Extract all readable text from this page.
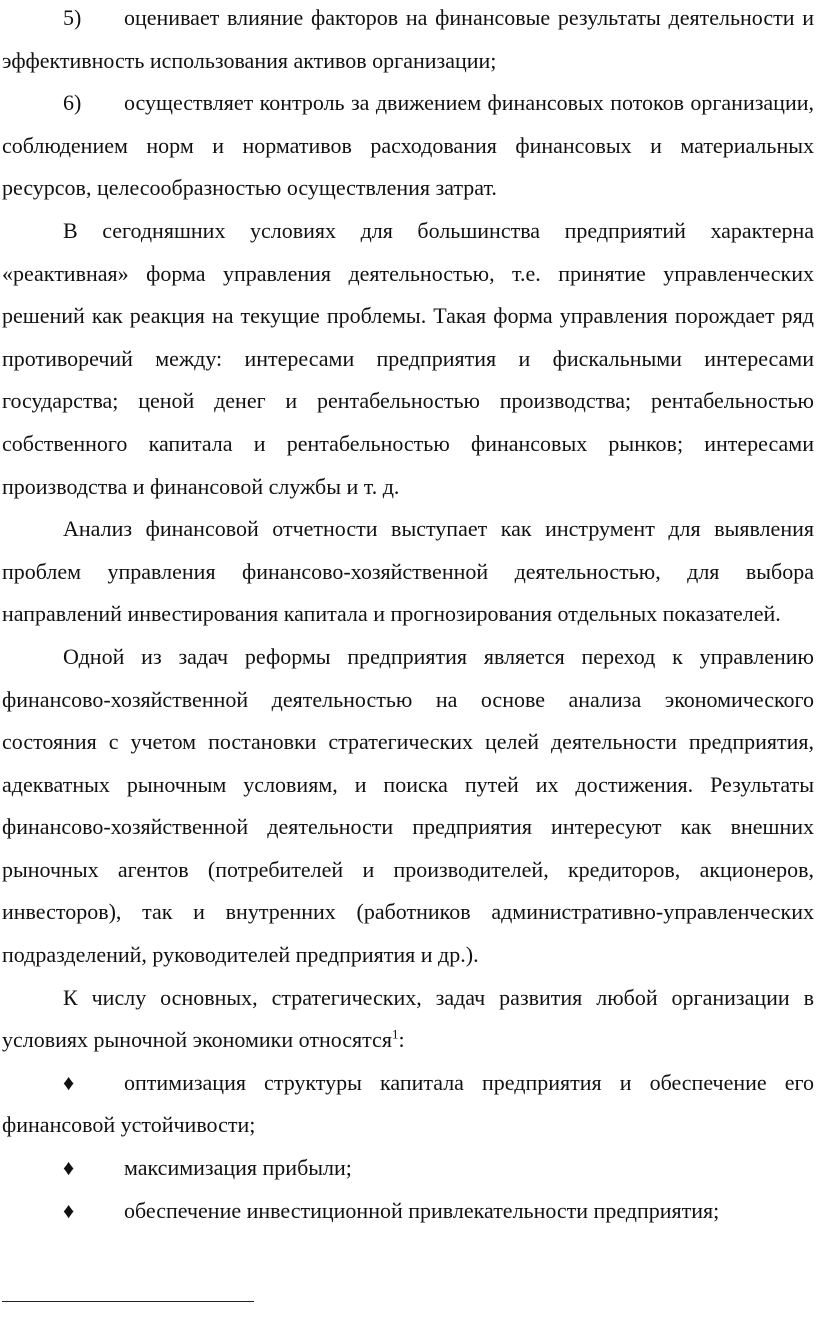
5) оценивает влияние факторов на финансовые результаты деятельности и эффективность использования активов организации;

6) осуществляет контроль за движением финансовых потоков организации, соблюдением норм и нормативов расходования финансовых и материальных ресурсов, целесообразностью осуществления затрат.

В сегодняшних условиях для большинства предприятий характерна «реактивная» форма управления деятельностью, т.е. принятие управленческих решений как реакция на текущие проблемы. Такая форма управления порождает ряд противоречий между: интересами предприятия и фискальными интересами государства; ценой денег и рентабельностью производства; рентабельностью собственного капитала и рентабельностью финансовых рынков; интересами производства и финансовой службы и т. д.

Анализ финансовой отчетности выступает как инструмент для выявления проблем управления финансово-хозяйственной деятельностью, для выбора направлений инвестирования капитала и прогнозирования отдельных показателей.

Одной из задач реформы предприятия является переход к управлению финансово-хозяйственной деятельностью на основе анализа экономического состояния с учетом постановки стратегических целей деятельности предприятия, адекватных рыночным условиям, и поиска путей их достижения. Результаты финансово-хозяйственной деятельности предприятия интересуют как внешних рыночных агентов (потребителей и производителей, кредиторов, акционеров, инвесторов), так и внутренних (работников административно-управленческих подразделений, руководителей предприятия и др.).

К числу основных, стратегических, задач развития любой организации в условиях рыночной экономики относятся$^1$:

♦ оптимизация структуры капитала предприятия и обеспечение его финансовой устойчивости;

♦ максимизация прибыли;

♦ обеспечение инвестиционной привлекательности предприятия;
